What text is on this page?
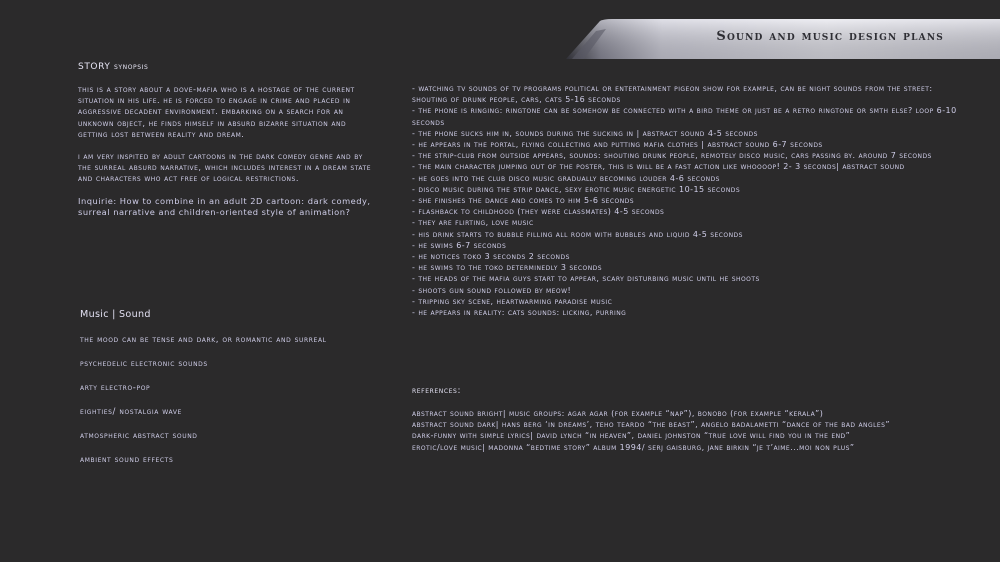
Sound and music design plans
STORY synopsis

this is a story about a dove-mafia who is a hostage of the current situation in his life. he is forced to engage in crime and placed in aggressive decadent environment. embarking on a search for an unknown object, he finds himself in absurd bizarre situation and getting lost between reality and dream.

i am very inspited by adult cartoons in the dark comedy genre and by the surreal absurd narrative, which includes interest in a dream state and characters who act free of logical restrictions.

Inquirie: How to combine in an adult 2D cartoon: dark comedy, surreal narrative and children-oriented style of animation?

Music | Sound
the mood can be tense and dark, or romantic and surreal
psychedelic electronic sounds
arty electro-pop
eighties/ nostalgia wave
atmospheric abstract sound
ambient sound effects
- watching tv sounds of tv programs political or entertainment pigeon show for example, can be night sounds from the street: shouting of drunk people, cars, cats 5-16 seconds
- the phone is ringing: ringtone can be somehow be connected with a bird theme or just be a retro ringtone or smth else? loop 6-10 seconds
- the phone sucks him in, sounds during the sucking in | abstract sound 4-5 seconds
- he appears in the portal, flying collecting and putting mafia clothes | abstract sound 6-7 seconds
- the strip-club from outside appears, sounds: shouting drunk people, remotely disco music, cars passing by. around 7 seconds
- the main character jumping out of the poster, this is will be a fast action like whoooop! 2- 3 seconds| abstract sound
- he goes into the club disco music gradually becoming louder 4-6 seconds
- disco music during the strip dance, sexy erotic music energetic 10-15 seconds
- she finishes the dance and comes to him 5-6 seconds
- flashback to childhood (they were classmates) 4-5 seconds
- they are flirting, love music
- his drink starts to bubble filling all room with bubbles and liquid 4-5 seconds
- he swims 6-7 seconds
- he notices toko 3 seconds 2 seconds
- he swims to the toko determinedly 3 seconds
- the heads of the mafia guys start to appear, scary disturbing music until he shoots
- shoots gun sound followed by meow!
- tripping sky scene, heartwarming paradise music
- he appears in reality: cats sounds: licking, purring
references:
abstract sound bright| music groups: agar agar (for example “nap”), bonobo (for example “kerala”)
abstract sound dark| hans berg ‘in dreams’, teho teardo “the beast”, angelo badalametti “dance of the bad angles”
dark-funny with simple lyrics| david lynch “in heaven”, daniel johnston “true love will find you in the end”
erotic/love music| madonna “bedtime story” album 1994/ serj gaisburg, jane birkin “je t’aime...moi non plus”
